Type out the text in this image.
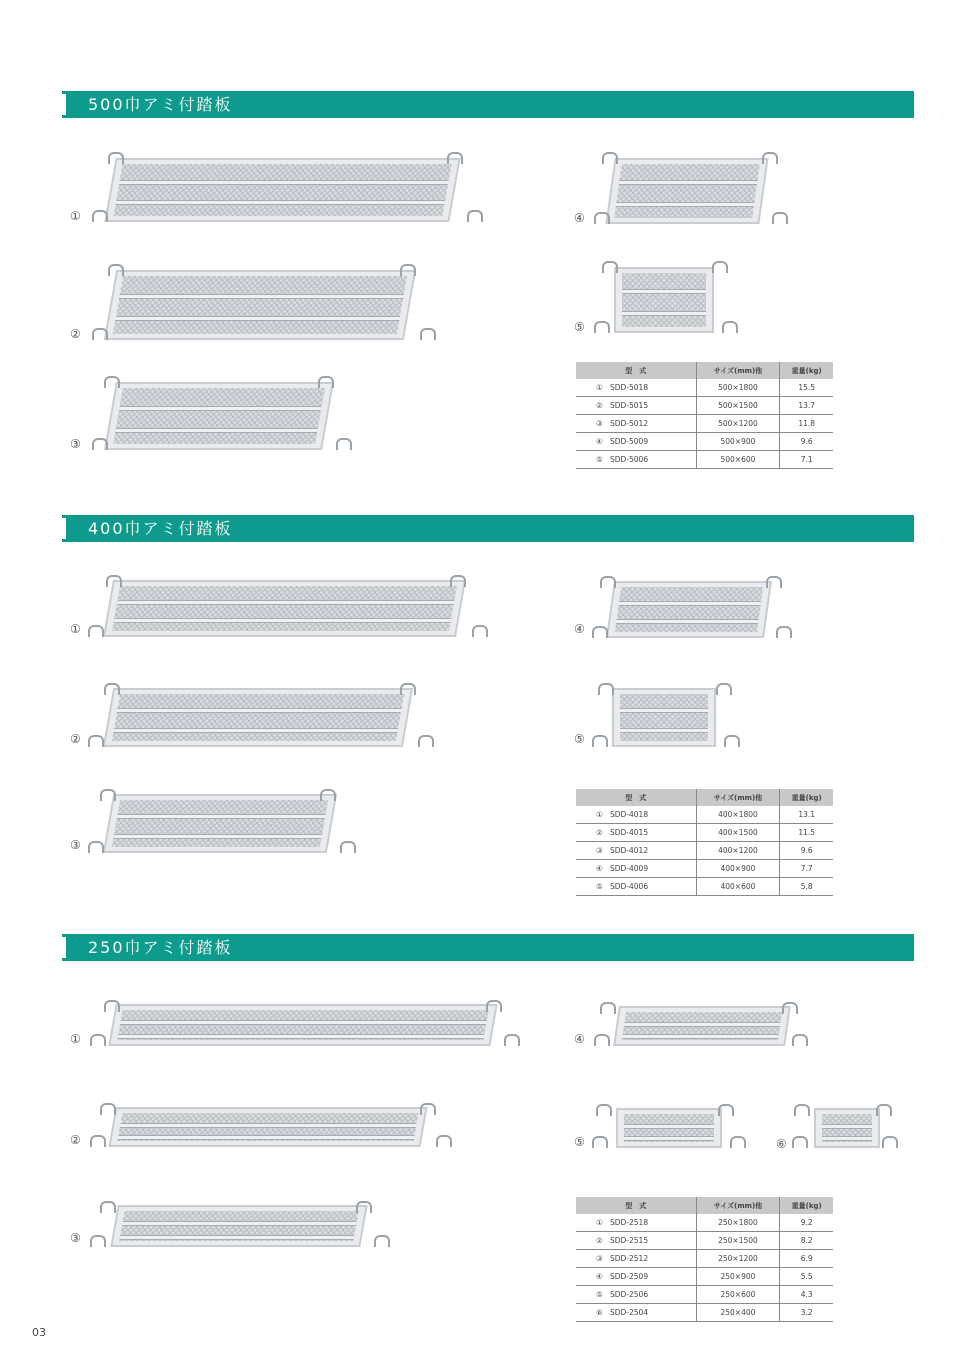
500巾アミ付踏板
①
②
③
④
⑤
型　式	サイズ(mm)他	重量(kg)
① SDD-5018	500×1800	15.5
② SDD-5015	500×1500	13.7
③ SDD-5012	500×1200	11.8
④ SDD-5009	500×900	9.6
⑤ SDD-5006	500×600	7.1
400巾アミ付踏板
①
②
③
④
⑤
型　式	サイズ(mm)他	重量(kg)
① SDD-4018	400×1800	13.1
② SDD-4015	400×1500	11.5
③ SDD-4012	400×1200	9.6
④ SDD-4009	400×900	7.7
⑤ SDD-4006	400×600	5.8
250巾アミ付踏板
①
②
③
④
⑤	⑥
型　式	サイズ(mm)他	重量(kg)
① SDD-2518	250×1800	9.2
② SDD-2515	250×1500	8.2
③ SDD-2512	250×1200	6.9
④ SDD-2509	250×900	5.5
⑤ SDD-2506	250×600	4.3
⑥ SDD-2504	250×400	3.2
03
